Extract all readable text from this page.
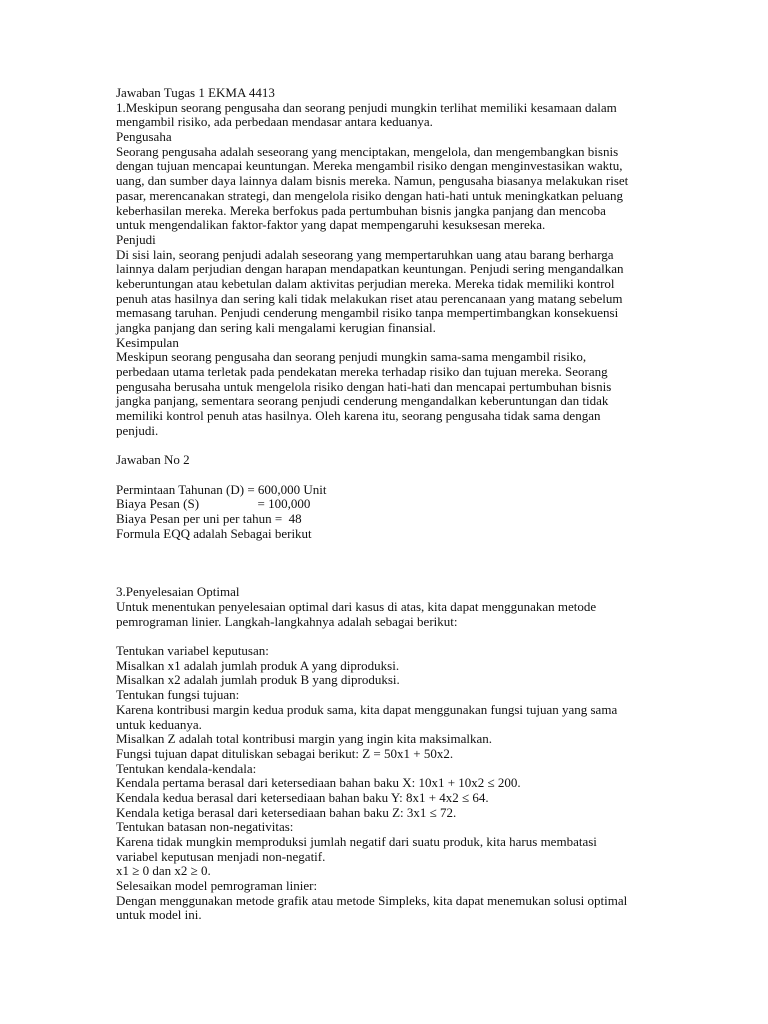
Jawaban Tugas 1 EKMA 4413
1.Meskipun seorang pengusaha dan seorang penjudi mungkin terlihat memiliki kesamaan dalam
mengambil risiko, ada perbedaan mendasar antara keduanya.
Pengusaha
Seorang pengusaha adalah seseorang yang menciptakan, mengelola, dan mengembangkan bisnis
dengan tujuan mencapai keuntungan. Mereka mengambil risiko dengan menginvestasikan waktu,
uang, dan sumber daya lainnya dalam bisnis mereka. Namun, pengusaha biasanya melakukan riset
pasar, merencanakan strategi, dan mengelola risiko dengan hati-hati untuk meningkatkan peluang
keberhasilan mereka. Mereka berfokus pada pertumbuhan bisnis jangka panjang dan mencoba
untuk mengendalikan faktor-faktor yang dapat mempengaruhi kesuksesan mereka.
Penjudi
Di sisi lain, seorang penjudi adalah seseorang yang mempertaruhkan uang atau barang berharga
lainnya dalam perjudian dengan harapan mendapatkan keuntungan. Penjudi sering mengandalkan
keberuntungan atau kebetulan dalam aktivitas perjudian mereka. Mereka tidak memiliki kontrol
penuh atas hasilnya dan sering kali tidak melakukan riset atau perencanaan yang matang sebelum
memasang taruhan. Penjudi cenderung mengambil risiko tanpa mempertimbangkan konsekuensi
jangka panjang dan sering kali mengalami kerugian finansial.
Kesimpulan
Meskipun seorang pengusaha dan seorang penjudi mungkin sama-sama mengambil risiko,
perbedaan utama terletak pada pendekatan mereka terhadap risiko dan tujuan mereka. Seorang
pengusaha berusaha untuk mengelola risiko dengan hati-hati dan mencapai pertumbuhan bisnis
jangka panjang, sementara seorang penjudi cenderung mengandalkan keberuntungan dan tidak
memiliki kontrol penuh atas hasilnya. Oleh karena itu, seorang pengusaha tidak sama dengan
penjudi.
Jawaban No 2
Permintaan Tahunan (D) = 600,000 Unit
Biaya Pesan (S)                  = 100,000
Biaya Pesan per uni per tahun =  48
Formula EQQ adalah Sebagai berikut
3.Penyelesaian Optimal
Untuk menentukan penyelesaian optimal dari kasus di atas, kita dapat menggunakan metode
pemrograman linier. Langkah-langkahnya adalah sebagai berikut:
Tentukan variabel keputusan:
Misalkan x1 adalah jumlah produk A yang diproduksi.
Misalkan x2 adalah jumlah produk B yang diproduksi.
Tentukan fungsi tujuan:
Karena kontribusi margin kedua produk sama, kita dapat menggunakan fungsi tujuan yang sama
untuk keduanya.
Misalkan Z adalah total kontribusi margin yang ingin kita maksimalkan.
Fungsi tujuan dapat dituliskan sebagai berikut: Z = 50x1 + 50x2.
Tentukan kendala-kendala:
Kendala pertama berasal dari ketersediaan bahan baku X: 10x1 + 10x2 ≤ 200.
Kendala kedua berasal dari ketersediaan bahan baku Y: 8x1 + 4x2 ≤ 64.
Kendala ketiga berasal dari ketersediaan bahan baku Z: 3x1 ≤ 72.
Tentukan batasan non-negativitas:
Karena tidak mungkin memproduksi jumlah negatif dari suatu produk, kita harus membatasi
variabel keputusan menjadi non-negatif.
x1 ≥ 0 dan x2 ≥ 0.
Selesaikan model pemrograman linier:
Dengan menggunakan metode grafik atau metode Simpleks, kita dapat menemukan solusi optimal
untuk model ini.
